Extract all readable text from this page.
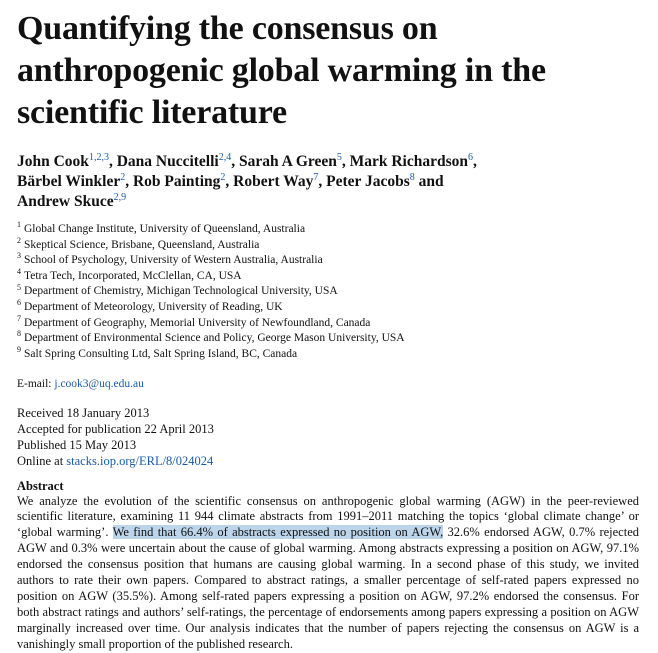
Quantifying the consensus on anthropogenic global warming in the scientific literature
John Cook$^{1,2,3}$, Dana Nuccitelli$^{2,4}$, Sarah A Green$^5$, Mark Richardson$^6$,
Bärbel Winkler$^2$, Rob Painting$^2$, Robert Way$^7$, Peter Jacobs$^8$ and
Andrew Skuce$^{2,9}$
$^1$ Global Change Institute, University of Queensland, Australia
$^2$ Skeptical Science, Brisbane, Queensland, Australia
$^3$ School of Psychology, University of Western Australia, Australia
$^4$ Tetra Tech, Incorporated, McClellan, CA, USA
$^5$ Department of Chemistry, Michigan Technological University, USA
$^6$ Department of Meteorology, University of Reading, UK
$^7$ Department of Geography, Memorial University of Newfoundland, Canada
$^8$ Department of Environmental Science and Policy, George Mason University, USA
$^9$ Salt Spring Consulting Ltd, Salt Spring Island, BC, Canada
E-mail: j.cook3@uq.edu.au
Received 18 January 2013
Accepted for publication 22 April 2013
Published 15 May 2013
Online at stacks.iop.org/ERL/8/024024
Abstract
We analyze the evolution of the scientific consensus on anthropogenic global warming (AGW) in the peer-reviewed scientific literature, examining 11 944 climate abstracts from 1991–2011 matching the topics ‘global climate change’ or ‘global warming’. We find that 66.4% of abstracts expressed no position on AGW, 32.6% endorsed AGW, 0.7% rejected AGW and 0.3% were uncertain about the cause of global warming. Among abstracts expressing a position on AGW, 97.1% endorsed the consensus position that humans are causing global warming. In a second phase of this study, we invited authors to rate their own papers. Compared to abstract ratings, a smaller percentage of self-rated papers expressed no position on AGW (35.5%). Among self-rated papers expressing a position on AGW, 97.2% endorsed the consensus. For both abstract ratings and authors’ self-ratings, the percentage of endorsements among papers expressing a position on AGW marginally increased over time. Our analysis indicates that the number of papers rejecting the consensus on AGW is a vanishingly small proportion of the published research.
